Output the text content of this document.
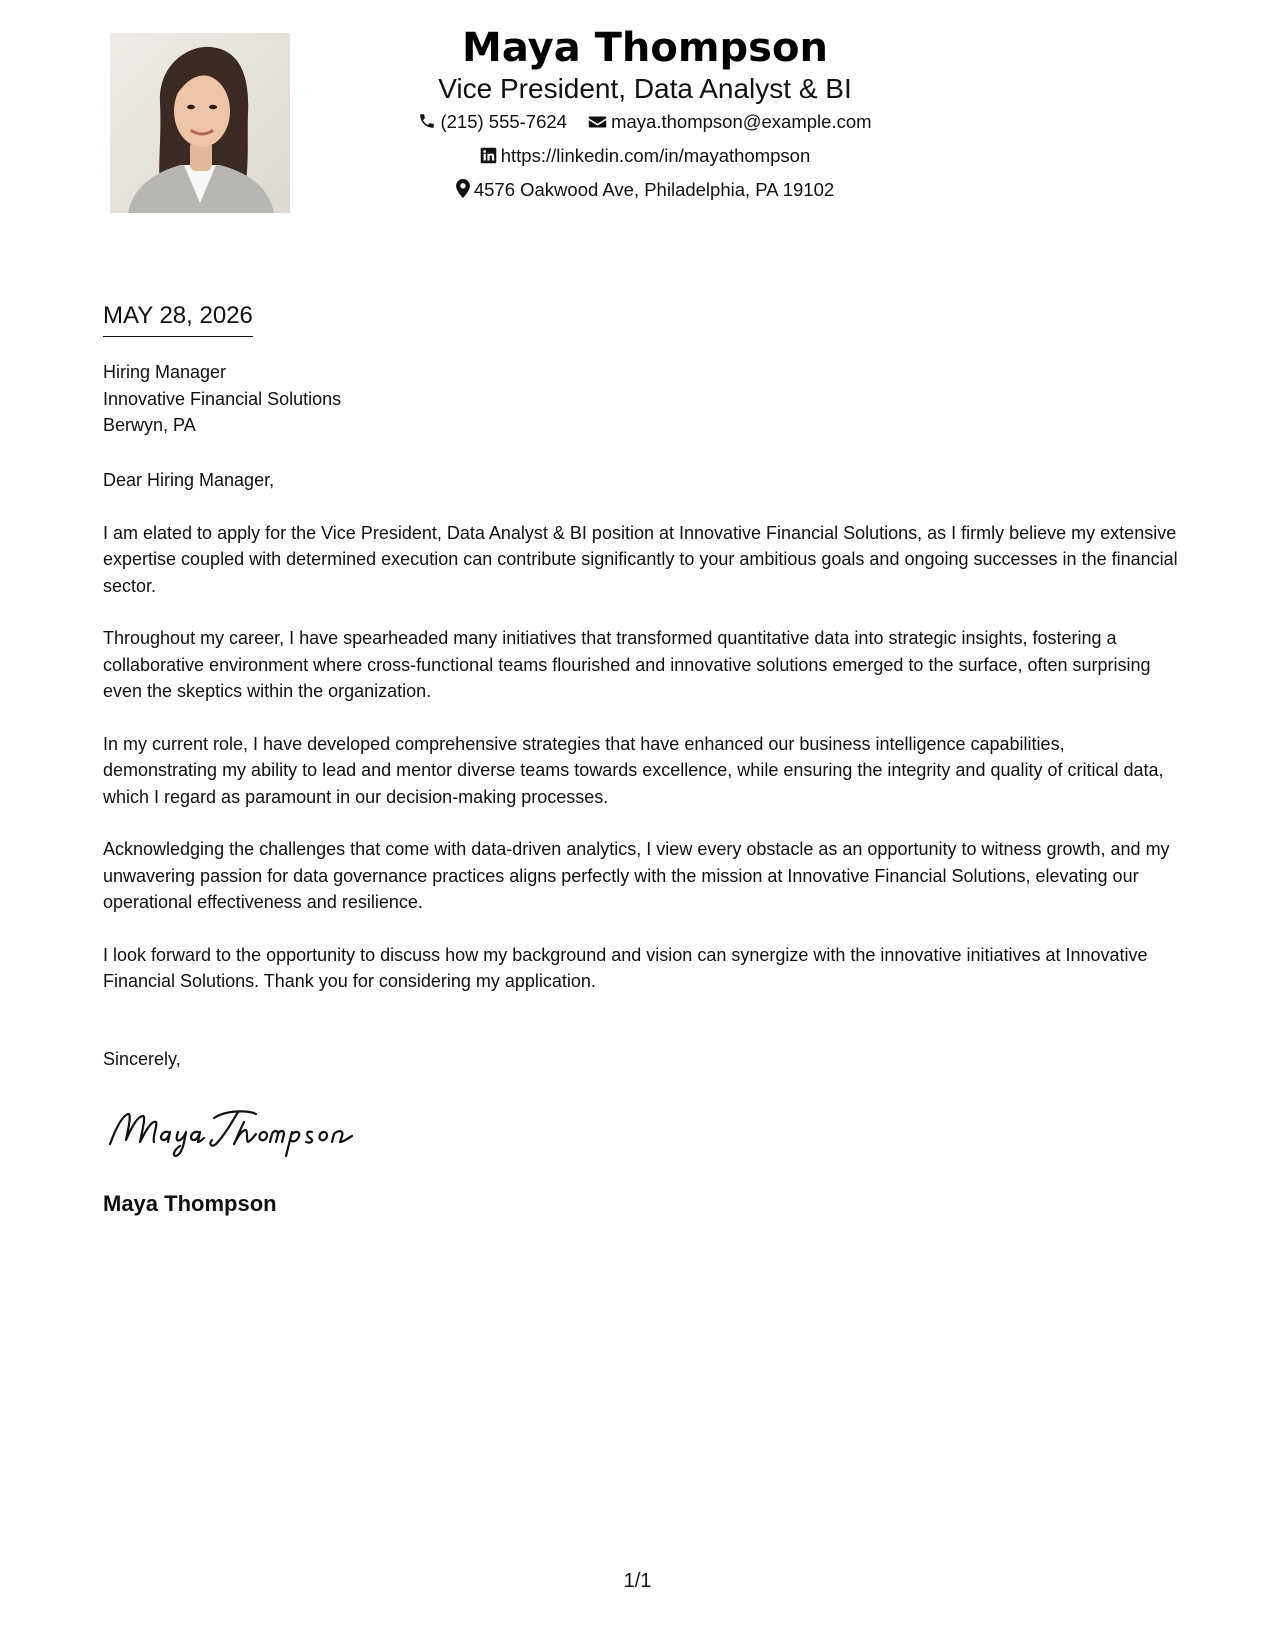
Maya Thompson
Vice President, Data Analyst & BI
(215) 555-7624 maya.thompson@example.com
https://linkedin.com/in/mayathompson
4576 Oakwood Ave, Philadelphia, PA 19102
MAY 28, 2026
Hiring Manager
Innovative Financial Solutions
Berwyn, PA

Dear Hiring Manager,

I am elated to apply for the Vice President, Data Analyst & BI position at Innovative Financial Solutions, as I firmly believe my extensive expertise coupled with determined execution can contribute significantly to your ambitious goals and ongoing successes in the financial sector.

Throughout my career, I have spearheaded many initiatives that transformed quantitative data into strategic insights, fostering a collaborative environment where cross-functional teams flourished and innovative solutions emerged to the surface, often surprising even the skeptics within the organization.

In my current role, I have developed comprehensive strategies that have enhanced our business intelligence capabilities, demonstrating my ability to lead and mentor diverse teams towards excellence, while ensuring the integrity and quality of critical data, which I regard as paramount in our decision-making processes.

Acknowledging the challenges that come with data-driven analytics, I view every obstacle as an opportunity to witness growth, and my unwavering passion for data governance practices aligns perfectly with the mission at Innovative Financial Solutions, elevating our operational effectiveness and resilience.

I look forward to the opportunity to discuss how my background and vision can synergize with the innovative initiatives at Innovative Financial Solutions. Thank you for considering my application.

Sincerely,
Maya Thompson
1/1
